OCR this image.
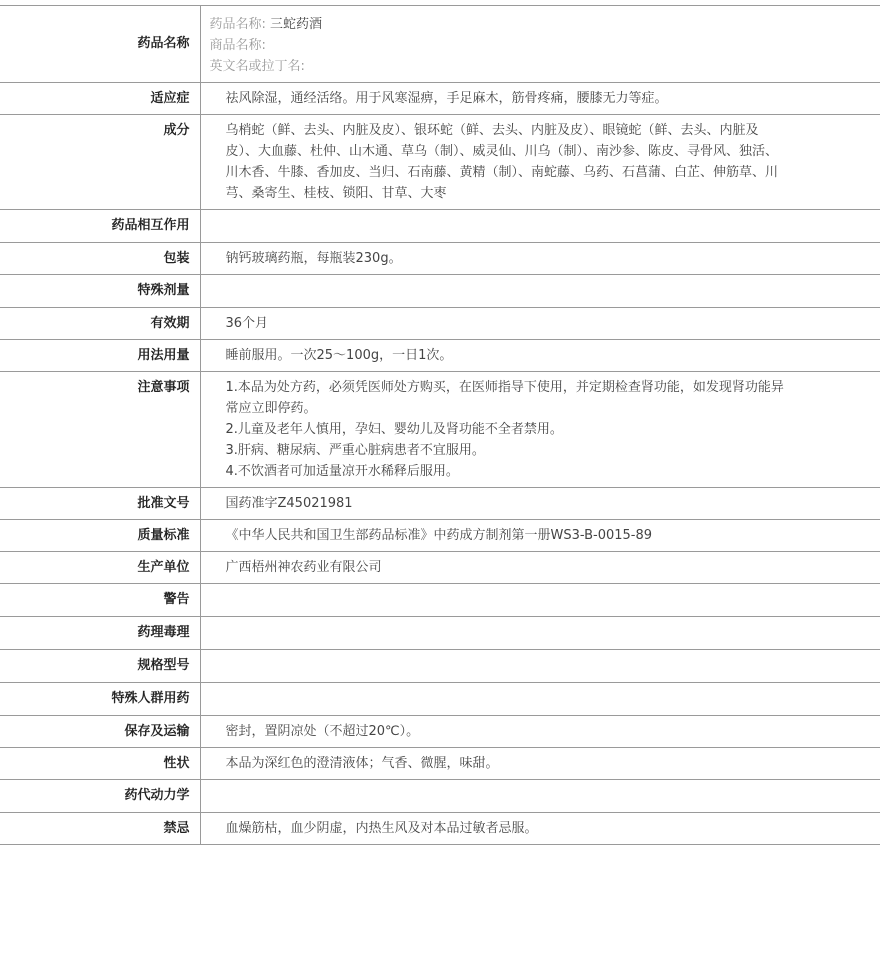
药品名称	药品名称: 三蛇药酒
商品名称:
英文名或拉丁名:

适应症	祛风除湿，通经活络。用于风寒湿痹，手足麻木，筋骨疼痛，腰膝无力等症。
成分	乌梢蛇（鲜、去头、内脏及皮）、银环蛇（鲜、去头、内脏及皮）、眼镜蛇（鲜、去头、内脏及皮）、大血藤、杜仲、山木通、草乌（制）、威灵仙、川乌（制）、南沙参、陈皮、寻骨风、独活、川木香、牛膝、香加皮、当归、石南藤、黄精（制）、南蛇藤、乌药、石菖蒲、白芷、伸筋草、川芎、桑寄生、桂枝、锁阳、甘草、大枣
药品相互作用	
包装	钠钙玻璃药瓶，每瓶装230g。
特殊剂量	
有效期	36个月
用法用量	睡前服用。一次25～100g，一日1次。
注意事项	1.本品为处方药，必须凭医师处方购买，在医师指导下使用，并定期检查肾功能，如发现肾功能异常应立即停药。
2.儿童及老年人慎用，孕妇、婴幼儿及肾功能不全者禁用。
3.肝病、糖尿病、严重心脏病患者不宜服用。
4.不饮酒者可加适量凉开水稀释后服用。

批准文号	国药准字Z45021981
质量标准	《中华人民共和国卫生部药品标准》中药成方制剂第一册WS3-B-0015-89
生产单位	广西梧州神农药业有限公司
警告	
药理毒理	
规格型号	
特殊人群用药	
保存及运输	密封，置阴凉处（不超过20℃）。
性状	本品为深红色的澄清液体；气香、微腥，味甜。
药代动力学	
禁忌	血燥筋枯，血少阴虚，内热生风及对本品过敏者忌服。
